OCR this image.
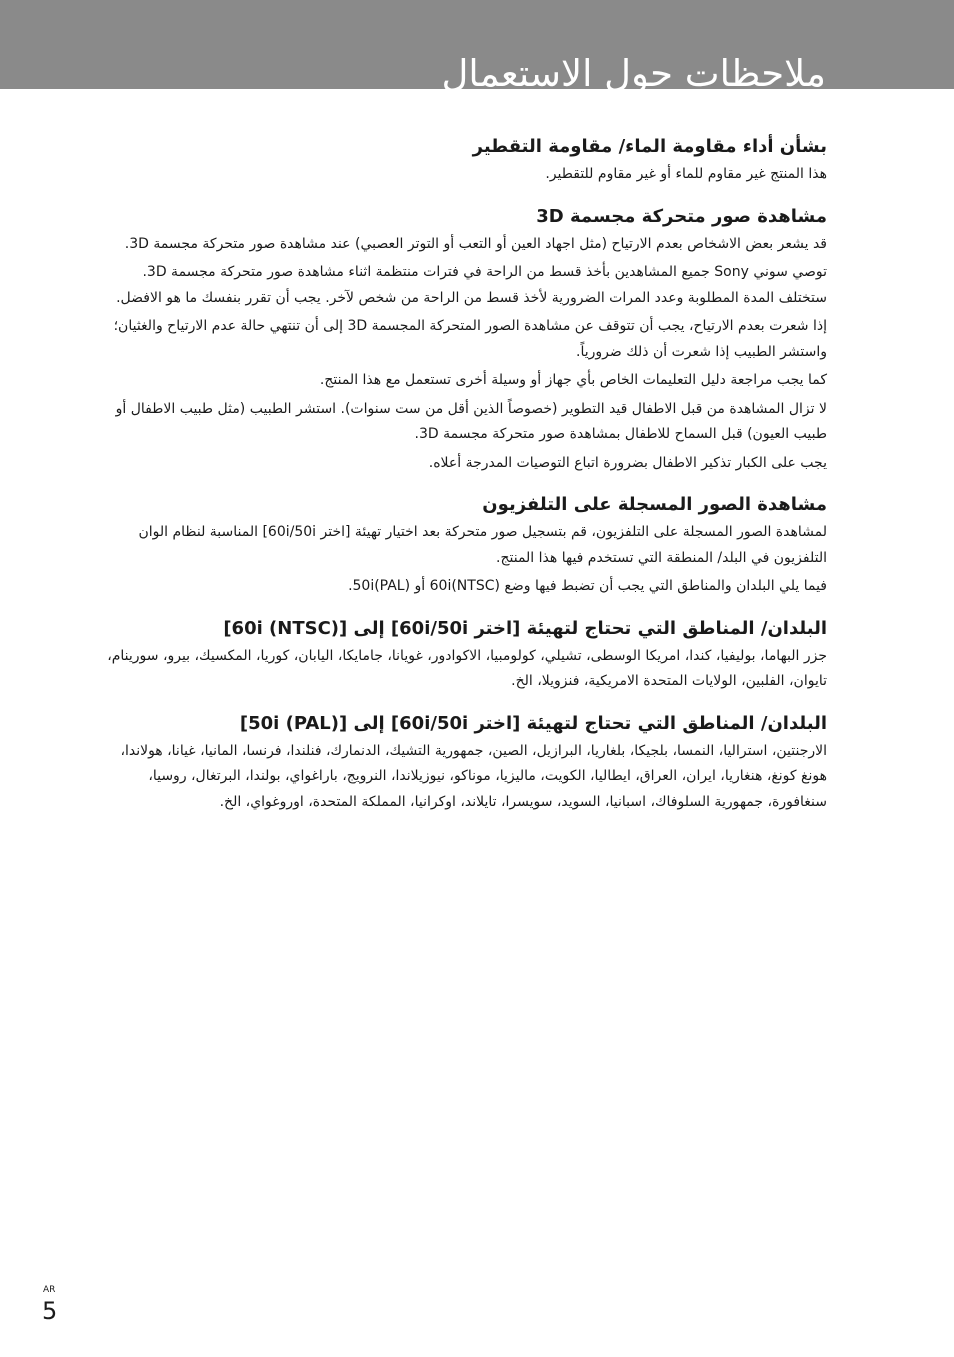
ملاحظات حول الاستعمال
بشأن أداء مقاومة الماء/ مقاومة التقطير

هذا المنتج غير مقاوم للماء أو غير مقاوم للتقطير.

مشاهدة صور متحركة مجسمة 3D

قد يشعر بعض الاشخاص بعدم الارتياح (مثل اجهاد العين أو التعب أو التوتر العصبي) عند مشاهدة صور متحركة مجسمة 3D.

توصي سوني Sony جميع المشاهدين بأخذ قسط من الراحة في فترات منتظمة اثناء مشاهدة صور متحركة مجسمة 3D. ستختلف المدة المطلوبة وعدد المرات الضرورية لأخذ قسط من الراحة من شخص لآخر. يجب أن تقرر بنفسك ما هو الافضل.

إذا شعرت بعدم الارتياح، يجب أن تتوقف عن مشاهدة الصور المتحركة المجسمة 3D إلى أن تنتهي حالة عدم الارتياح والغثيان؛ واستشر الطبيب إذا شعرت أن ذلك ضرورياً.

كما يجب مراجعة دليل التعليمات الخاص بأي جهاز أو وسيلة أخرى تستعمل مع هذا المنتج.

لا تزال المشاهدة من قبل الاطفال قيد التطوير (خصوصاً الذين أقل من ست سنوات). استشر الطبيب (مثل طبيب الاطفال أو طبيب العيون) قبل السماح للاطفال بمشاهدة صور متحركة مجسمة 3D.

يجب على الكبار تذكير الاطفال بضرورة اتباع التوصيات المدرجة أعلاه.

مشاهدة الصور المسجلة على التلفزيون

لمشاهدة الصور المسجلة على التلفزيون، قم بتسجيل صور متحركة بعد اختيار تهيئة [اختر 60i/50i] المناسبة لنظام الوان التلفزيون في البلد/ المنطقة التي تستخدم فيها هذا المنتج.

فيما يلي البلدان والمناطق التي يجب أن تضبط فيها وضع 60i(NTSC) أو 50i(PAL).

البلدان/ المناطق التي تحتاج لتهيئة [اختر 60i/50i] إلى [60i (NTSC)]

جزر البهاما، بوليفيا، كندا، امريكا الوسطى، تشيلي، كولومبيا، الاكوادور، غويانا، جامايكا، اليابان، كوريا، المكسيك، بيرو، سورينام، تايوان، الفلبين، الولايات المتحدة الامريكية، فنزويلا، الخ.

البلدان/ المناطق التي تحتاج لتهيئة [اختر 60i/50i] إلى [50i (PAL)]

الارجنتين، استراليا، النمسا، بلجيكا، بلغاريا، البرازيل، الصين، جمهورية التشيك، الدنمارك، فنلندا، فرنسا، المانيا، غيانا، هولاندا، هونغ كونغ، هنغاريا، ايران، العراق، ايطاليا، الكويت، ماليزيا، موناكو، نيوزيلاندا، النرويج، باراغواي، بولندا، البرتغال، روسيا، سنغافورة، جمهورية السلوفاك، اسبانيا، السويد، سويسرا، تايلاند، اوكرانيا، المملكة المتحدة، اوروغواي، الخ.

AR
5
